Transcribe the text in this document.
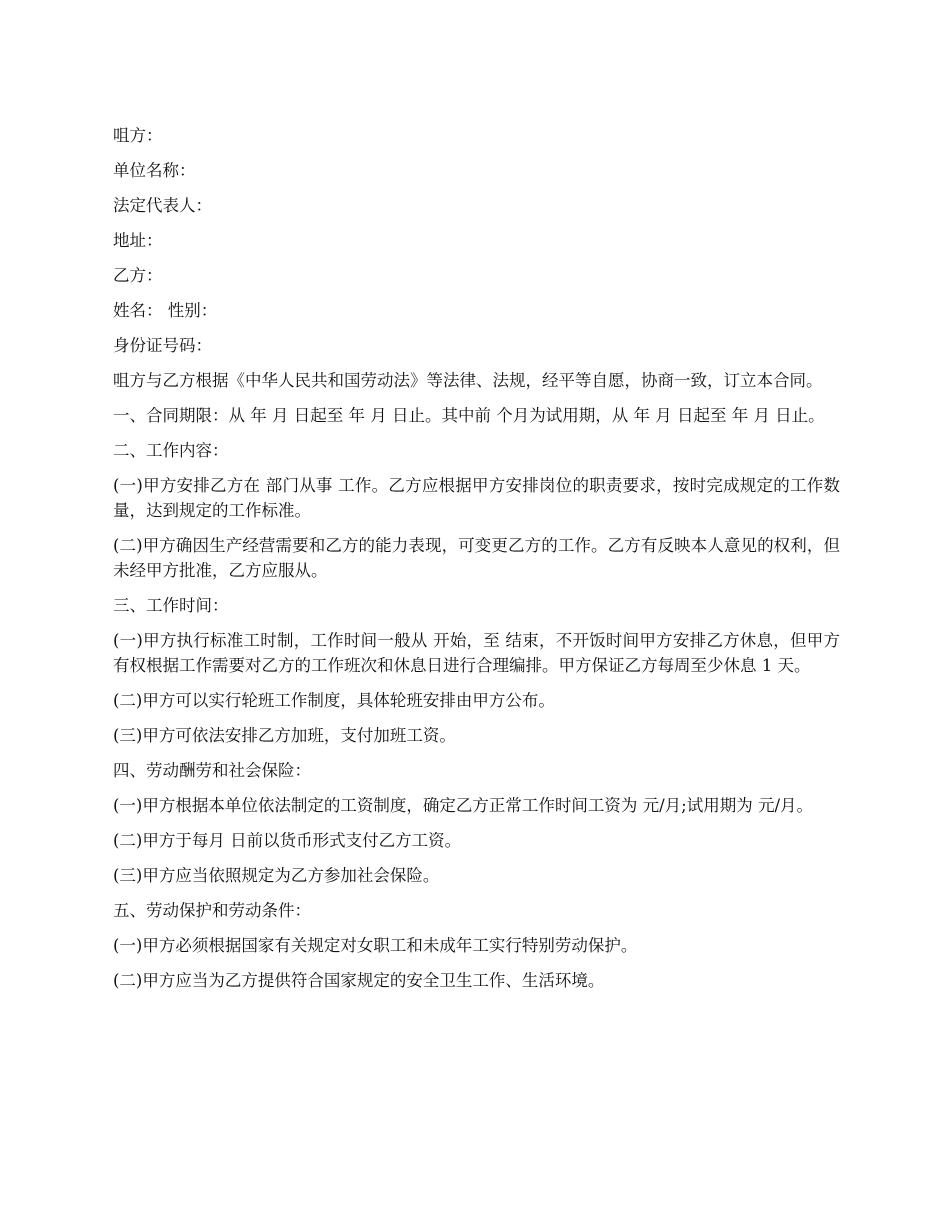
咀方：

单位名称：

法定代表人：

地址：

乙方：

姓名： 性别：

身份证号码：

咀方与乙方根据《中华人民共和国劳动法》等法律、法规，经平等自愿，协商一致，订立本合同。

一、合同期限：从 年 月 日起至 年 月 日止。其中前 个月为试用期，从 年 月 日起至 年 月 日止。

二、工作内容：

(一)甲方安排乙方在 部门从事 工作。乙方应根据甲方安排岗位的职责要求，按时完成规定的工作数量，达到规定的工作标准。

(二)甲方确因生产经营需要和乙方的能力表现，可变更乙方的工作。乙方有反映本人意见的权利，但未经甲方批准，乙方应服从。

三、工作时间：

(一)甲方执行标准工时制，工作时间一般从 开始，至 结束，不开饭时间甲方安排乙方休息，但甲方有权根据工作需要对乙方的工作班次和休息日进行合理编排。甲方保证乙方每周至少休息 1 天。

(二)甲方可以实行轮班工作制度，具体轮班安排由甲方公布。

(三)甲方可依法安排乙方加班，支付加班工资。

四、劳动酬劳和社会保险：

(一)甲方根据本单位依法制定的工资制度，确定乙方正常工作时间工资为 元/月;试用期为 元/月。

(二)甲方于每月 日前以货币形式支付乙方工资。

(三)甲方应当依照规定为乙方参加社会保险。

五、劳动保护和劳动条件：

(一)甲方必须根据国家有关规定对女职工和未成年工实行特别劳动保护。

(二)甲方应当为乙方提供符合国家规定的安全卫生工作、生活环境。
